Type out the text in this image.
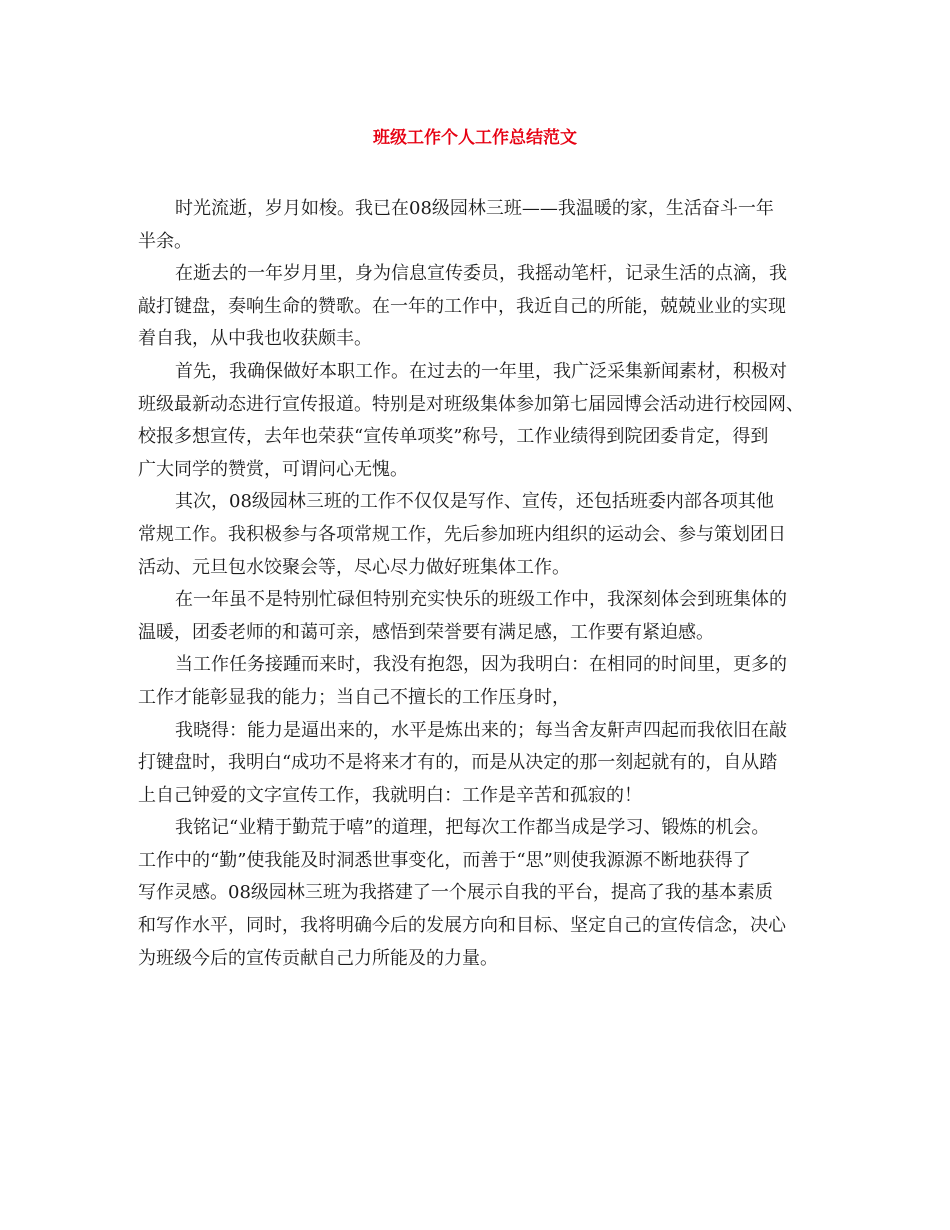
班级工作个人工作总结范文

时光流逝，岁月如梭。我已在08级园林三班——我温暖的家，生活奋斗一年

半余。

在逝去的一年岁月里，身为信息宣传委员，我摇动笔杆，记录生活的点滴，我

敲打键盘，奏响生命的赞歌。在一年的工作中，我近自己的所能，兢兢业业的实现

着自我，从中我也收获颇丰。

首先，我确保做好本职工作。在过去的一年里，我广泛采集新闻素材，积极对

班级最新动态进行宣传报道。特别是对班级集体参加第七届园博会活动进行校园网、

校报多想宣传，去年也荣获“宣传单项奖”称号，工作业绩得到院团委肯定，得到

广大同学的赞赏，可谓问心无愧。

其次，08级园林三班的工作不仅仅是写作、宣传，还包括班委内部各项其他

常规工作。我积极参与各项常规工作，先后参加班内组织的运动会、参与策划团日

活动、元旦包水饺聚会等，尽心尽力做好班集体工作。

在一年虽不是特别忙碌但特别充实快乐的班级工作中，我深刻体会到班集体的

温暖，团委老师的和蔼可亲，感悟到荣誉要有满足感，工作要有紧迫感。

当工作任务接踵而来时，我没有抱怨，因为我明白：在相同的时间里，更多的

工作才能彰显我的能力；当自己不擅长的工作压身时，

我晓得：能力是逼出来的，水平是炼出来的；每当舍友鼾声四起而我依旧在敲

打键盘时，我明白“成功不是将来才有的，而是从决定的那一刻起就有的，自从踏

上自己钟爱的文字宣传工作，我就明白：工作是辛苦和孤寂的！

我铭记“业精于勤荒于嘻”的道理，把每次工作都当成是学习、锻炼的机会。

工作中的“勤”使我能及时洞悉世事变化，而善于“思”则使我源源不断地获得了

写作灵感。08级园林三班为我搭建了一个展示自我的平台，提高了我的基本素质

和写作水平，同时，我将明确今后的发展方向和目标、坚定自己的宣传信念，决心

为班级今后的宣传贡献自己力所能及的力量。
